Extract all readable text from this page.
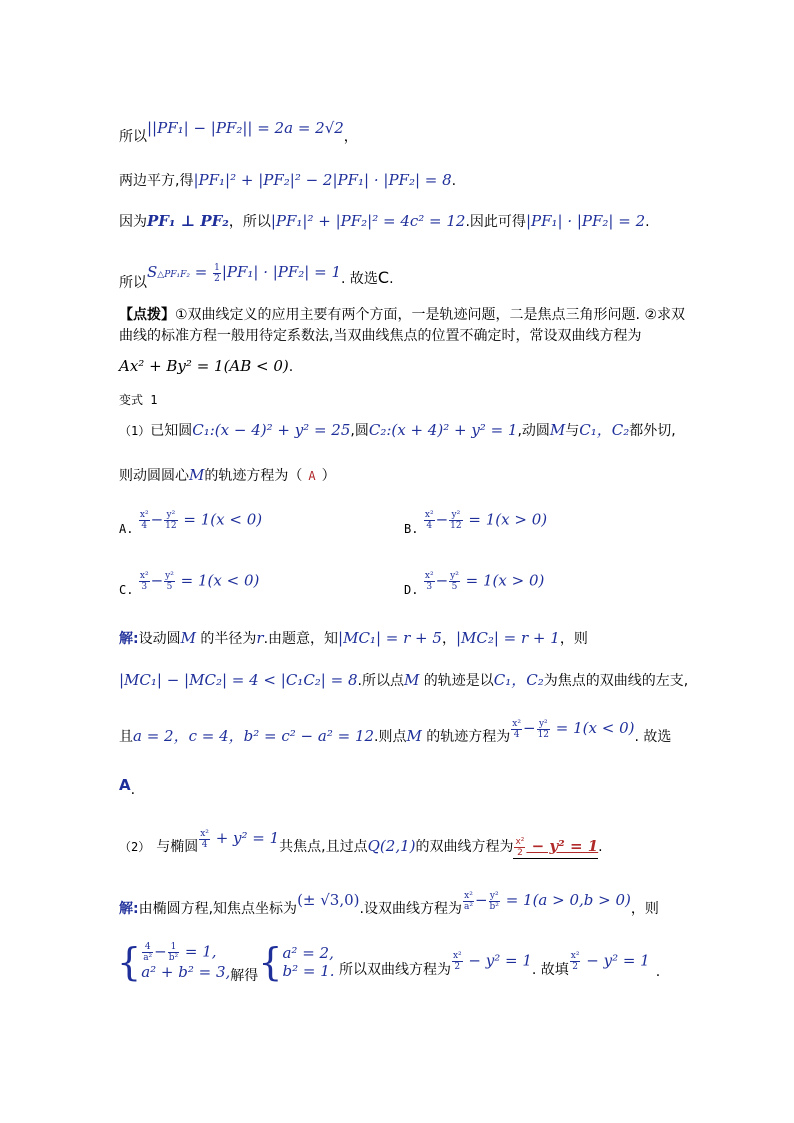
所以||PF₁| − |PF₂|| = 2a = 2√2，
两边平方,得|PF₁|² + |PF₂|² − 2|PF₁| · |PF₂| = 8.
因为PF₁ ⊥ PF₂，所以|PF₁|² + |PF₂|² = 4c² = 12.因此可得|PF₁| · |PF₂| = 2.
所以S△PF₁F₂ = $\frac{1}{2} |PF_1| \cdot |PF_2| = 1$. 故选C.
【点拨】①双曲线定义的应用主要有两个方面，一是轨迹问题，二是焦点三角形问题. ②求双
曲线的标准方程一般用待定系数法,当双曲线焦点的位置不确定时，常设双曲线方程为
Ax² + By² = 1(AB < 0).
变式 1
（1）已知圆C₁:(x − 4)² + y² = 25,圆C₂:(x + 4)² + y² = 1,动圆M与C₁，C₂都外切,
则动圆圆心M的轨迹方程为（ A ）
A. $\frac{\text{x²}}{4} - \frac{\text{y²}}{12} = 1(x < 0)$	B. $\frac{\text{x²}}{4} - \frac{\text{y²}}{12} = 1(x > 0)$
C. $\frac{\text{x²}}{3} - \frac{\text{y²}}{5} = 1(x < 0)$	D. $\frac{\text{x²}}{3} - \frac{\text{y²}}{5} = 1(x > 0)$
解:设动圆M 的半径为r.由题意，知|MC₁| = r + 5，|MC₂| = r + 1，则
|MC₁| − |MC₂| = 4 < |C₁C₂| = 8.所以点M 的轨迹是以C₁，C₂为焦点的双曲线的左支,
且a = 2，c = 4，b² = c² − a² = 12.则点M 的轨迹方程为 $\frac{\text{x²}}{4} - \frac{\text{y²}}{12} = 1(x < 0)$. 故选
A.
（2） 与椭圆 $\frac{\text{x²}}{4} + y^2 = 1$共焦点,且过点Q(2,1)的双曲线方程为 $\frac{\text{x²}}{2} - y^2 = 1$.
解:由椭圆方程,知焦点坐标为(± √3,0).设双曲线方程为 $\frac{\text{x²}}{\text{a²}} - \frac{\text{y²}}{\text{b²}} = 1(a > 0,b > 0)$，则
{ $\frac{4}{\text{a²}} - \frac{1}{\text{b²}} = 1$,
a² + b² = 3, 解得{ a² = 2,
b² = 1. 所以双曲线方程为 $\frac{\text{x²}}{2} - y^2 = 1$. 故填 $\frac{\text{x²}}{2} - y^2 = 1$.
